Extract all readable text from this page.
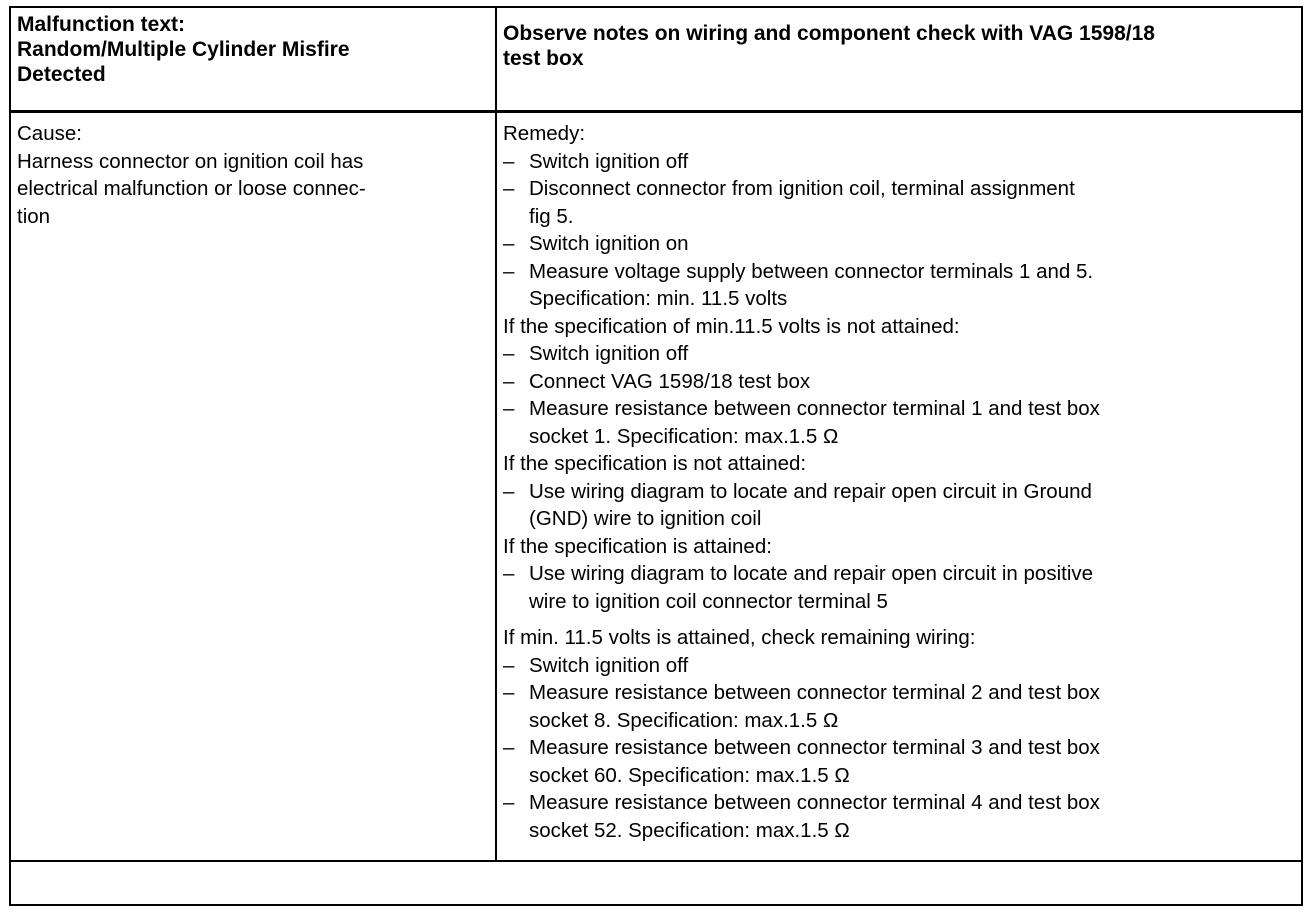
Malfunction text:
Random/Multiple Cylinder Misfire
Detected
Observe notes on wiring and component check with VAG 1598/18
test box
Cause:
Harness connector on ignition coil has
electrical malfunction or loose connec-
tion
Remedy:
– Switch ignition off
– Disconnect connector from ignition coil, terminal assignment
fig 5.
– Switch ignition on
– Measure voltage supply between connector terminals 1 and 5.
Specification: min. 11.5 volts
If the specification of min.11.5 volts is not attained:
– Switch ignition off
– Connect VAG 1598/18 test box
– Measure resistance between connector terminal 1 and test box
socket 1. Specification: max.1.5 Ω
If the specification is not attained:
– Use wiring diagram to locate and repair open circuit in Ground
(GND) wire to ignition coil
If the specification is attained:
– Use wiring diagram to locate and repair open circuit in positive
wire to ignition coil connector terminal 5
If min. 11.5 volts is attained, check remaining wiring:
– Switch ignition off
– Measure resistance between connector terminal 2 and test box
socket 8. Specification: max.1.5 Ω
– Measure resistance between connector terminal 3 and test box
socket 60. Specification: max.1.5 Ω
– Measure resistance between connector terminal 4 and test box
socket 52. Specification: max.1.5 Ω
